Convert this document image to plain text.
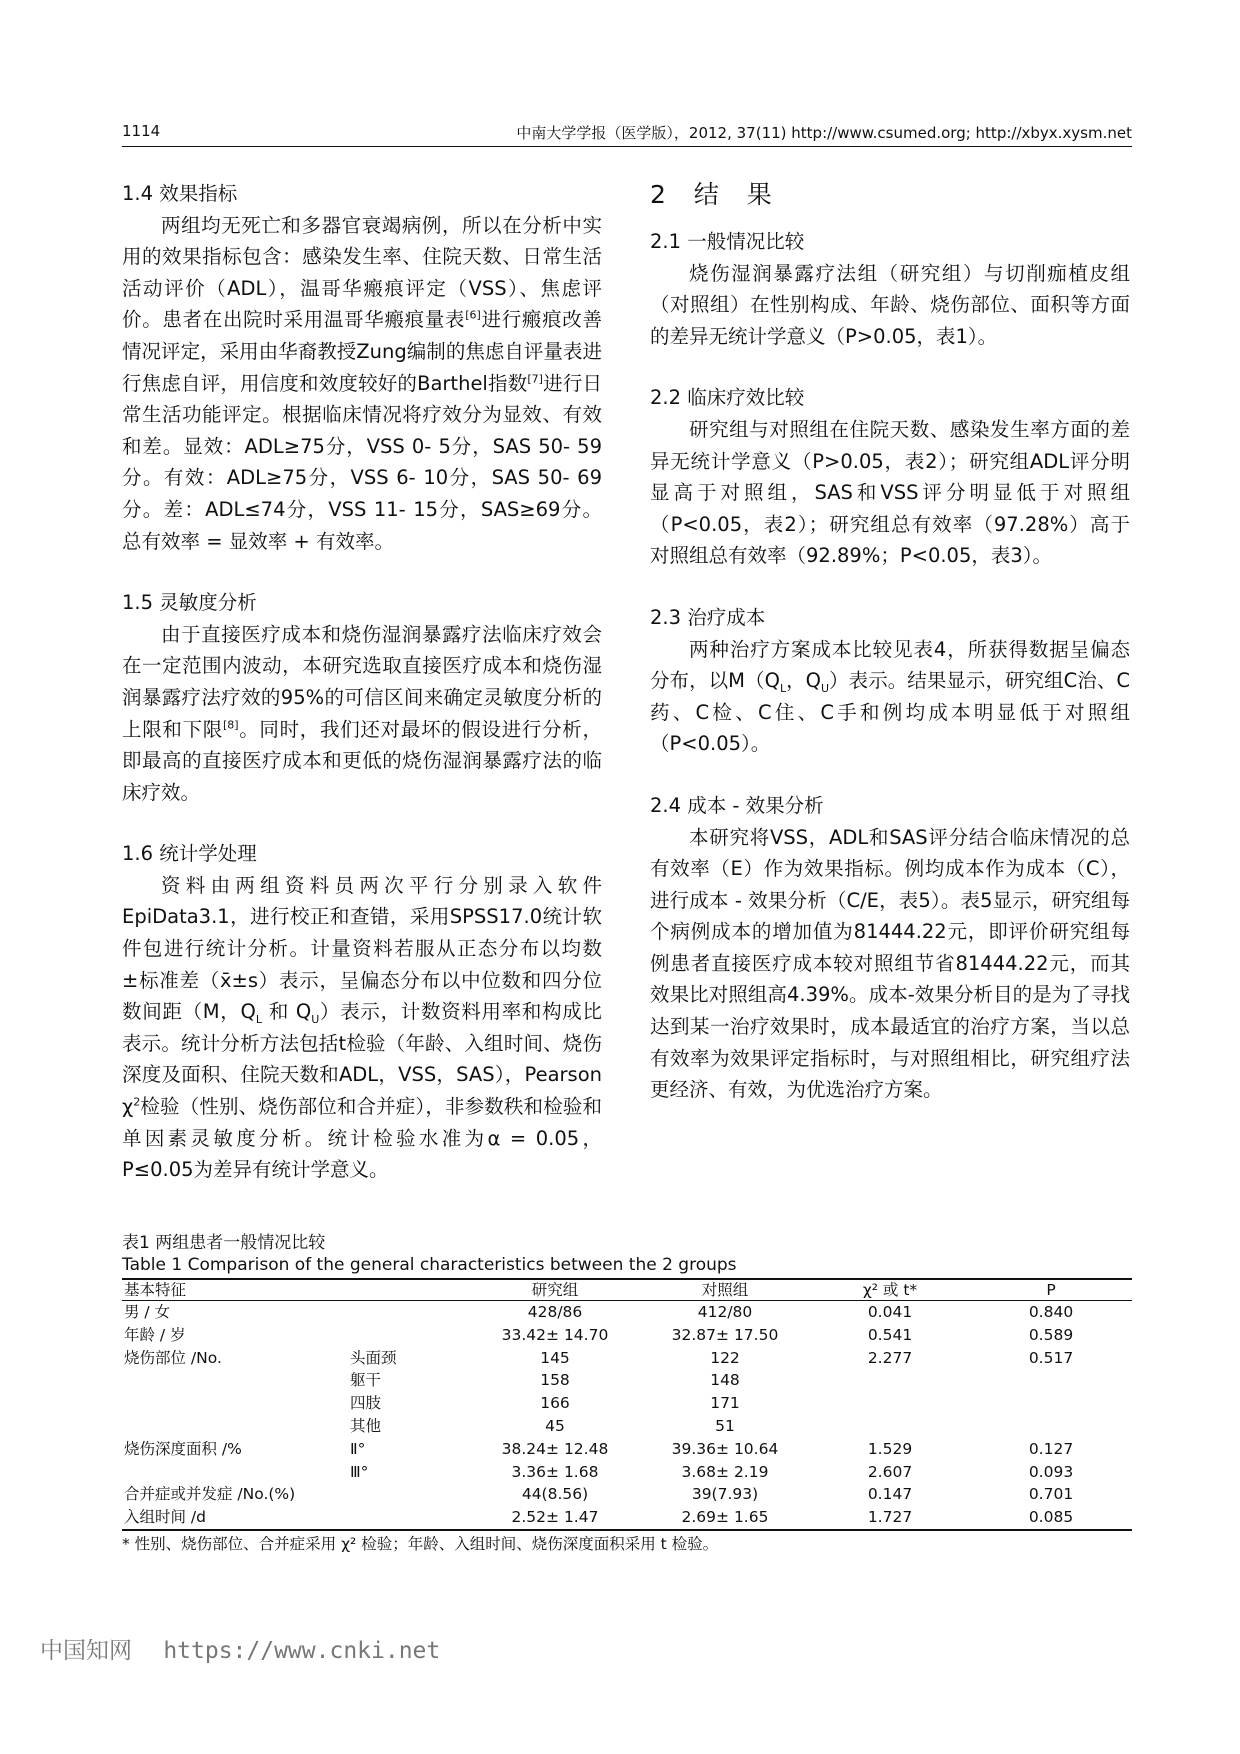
1114	中南大学学报（医学版），2012, 37(11) http://www.csumed.org; http://xbyx.xysm.net

1.4 效果指标

两组均无死亡和多器官衰竭病例，所以在分析中实用的效果指标包含：感染发生率、住院天数、日常生活活动评价（ADL），温哥华瘢痕评定（VSS）、焦虑评价。患者在出院时采用温哥华瘢痕量表[6]进行瘢痕改善情况评定，采用由华裔教授Zung编制的焦虑自评量表进行焦虑自评，用信度和效度较好的Barthel指数[7]进行日常生活功能评定。根据临床情况将疗效分为显效、有效和差。显效：ADL≥75分，VSS 0- 5分，SAS 50- 59分。有效：ADL≥75分，VSS 6- 10分，SAS 50- 69分。差：ADL≤74分，VSS 11- 15分，SAS≥69分。总有效率 = 显效率 + 有效率。

1.5 灵敏度分析

由于直接医疗成本和烧伤湿润暴露疗法临床疗效会在一定范围内波动，本研究选取直接医疗成本和烧伤湿润暴露疗法疗效的95%的可信区间来确定灵敏度分析的上限和下限[8]。同时，我们还对最坏的假设进行分析，即最高的直接医疗成本和更低的烧伤湿润暴露疗法的临床疗效。

1.6 统计学处理

资料由两组资料员两次平行分别录入软件EpiData3.1，进行校正和查错，采用SPSS17.0统计软件包进行统计分析。计量资料若服从正态分布以均数±标准差（x̄±s）表示，呈偏态分布以中位数和四分位数间距（M，$Q_L$ 和 $Q_U$）表示，计数资料用率和构成比表示。统计分析方法包括t检验（年龄、入组时间、烧伤深度及面积、住院天数和ADL，VSS，SAS），Pearson $\chi^2$检验（性别、烧伤部位和合并症），非参数秩和检验和单因素灵敏度分析。统计检验水准为α = 0.05，P≤0.05为差异有统计学意义。

2 结 果

2.1 一般情况比较

烧伤湿润暴露疗法组（研究组）与切削痂植皮组（对照组）在性别构成、年龄、烧伤部位、面积等方面的差异无统计学意义（P>0.05，表1）。

2.2 临床疗效比较

研究组与对照组在住院天数、感染发生率方面的差异无统计学意义（P>0.05，表2）；研究组ADL评分明显高于对照组，SAS和VSS评分明显低于对照组（P<0.05，表2）；研究组总有效率（97.28%）高于对照组总有效率（92.89%；P<0.05，表3）。

2.3 治疗成本

两种治疗方案成本比较见表4，所获得数据呈偏态分布，以$M(Q_L$，$Q_U$）表示。结果显示，研究组C治、C药、C检、C住、C手和例均成本明显低于对照组（P<0.05）。

2.4 成本 - 效果分析

本研究将VSS，ADL和SAS评分结合临床情况的总有效率（E）作为效果指标。例均成本作为成本（C），进行成本 - 效果分析（C/E，表5）。表5显示，研究组每个病例成本的增加值为81444.22元，即评价研究组每例患者直接医疗成本较对照组节省81444.22元，而其效果比对照组高4.39%。成本-效果分析目的是为了寻找达到某一治疗效果时，成本最适宜的治疗方案，当以总有效率为效果评定指标时，与对照组相比，研究组疗法更经济、有效，为优选治疗方案。

表1 两组患者一般情况比较
Table 1 Comparison of the general characteristics between the 2 groups
基本特征		研究组	对照组	χ² 或 t*	P
男 / 女		428/86	412/80	0.041	0.840
年龄 / 岁		33.42± 14.70	32.87± 17.50	0.541	0.589
烧伤部位 /No.	头面颈	145	122	2.277	0.517
	躯干	158	148		
	四肢	166	171		
	其他	45	51		
烧伤深度面积 /%	Ⅱ°	38.24± 12.48	39.36± 10.64	1.529	0.127
	Ⅲ°	3.36± 1.68	3.68± 2.19	2.607	0.093
合并症或并发症 /No.(%)		44(8.56)	39(7.93)	0.147	0.701
入组时间 /d		2.52± 1.47	2.69± 1.65	1.727	0.085
* 性别、烧伤部位、合并症采用 χ² 检验；年龄、入组时间、烧伤深度面积采用 t 检验。
中国知网 https://www.cnki.net
